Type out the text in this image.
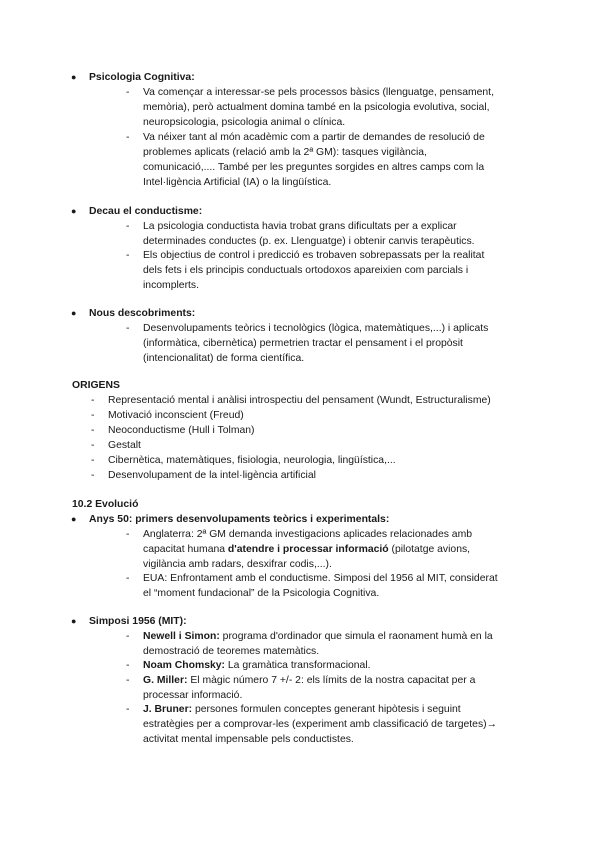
● Psicologia Cognitiva:
- Va començar a interessar-se pels processos bàsics (llenguatge, pensament,
memòria), però actualment domina també en la psicologia evolutiva, social,
neuropsicologia, psicologia animal o clínica.
- Va néixer tant al món acadèmic com a partir de demandes de resolució de
problemes aplicats (relació amb la 2ª GM): tasques vigilància,
comunicació,.... També per les preguntes sorgides en altres camps com la
Intel·ligència Artificial (IA) o la lingüística.
● Decau el conductisme:
- La psicologia conductista havia trobat grans dificultats per a explicar
determinades conductes (p. ex. Llenguatge) i obtenir canvis terapèutics.
- Els objectius de control i predicció es trobaven sobrepassats per la realitat
dels fets i els principis conductuals ortodoxos apareixien com parcials i
incomplerts.
● Nous descobriments:
- Desenvolupaments teòrics i tecnològics (lògica, matemàtiques,...) i aplicats
(informàtica, cibernètica) permetrien tractar el pensament i el propòsit
(intencionalitat) de forma científica.
ORIGENS
- Representació mental i anàlisi introspectiu del pensament (Wundt, Estructuralisme)
- Motivació inconscient (Freud)
- Neoconductisme (Hull i Tolman)
- Gestalt
- Cibernètica, matemàtiques, fisiologia, neurologia, lingüística,...
- Desenvolupament de la intel·ligència artificial
10.2 Evolució
● Anys 50: primers desenvolupaments teòrics i experimentals:
- Anglaterra: 2ª GM demanda investigacions aplicades relacionades amb
capacitat humana d'atendre i processar informació (pilotatge avions,
vigilància amb radars, desxifrar codis,...).
- EUA: Enfrontament amb el conductisme. Simposi del 1956 al MIT, considerat
el “moment fundacional” de la Psicologia Cognitiva.
● Simposi 1956 (MIT):
- Newell i Simon: programa d'ordinador que simula el raonament humà en la
demostració de teoremes matemàtics.
- Noam Chomsky: La gramàtica transformacional.
- G. Miller: El màgic número 7 +/- 2: els límits de la nostra capacitat per a
processar informació.
- J. Bruner: persones formulen conceptes generant hipòtesis i seguint
estratègies per a comprovar-les (experiment amb classificació de targetes)→
activitat mental impensable pels conductistes.
